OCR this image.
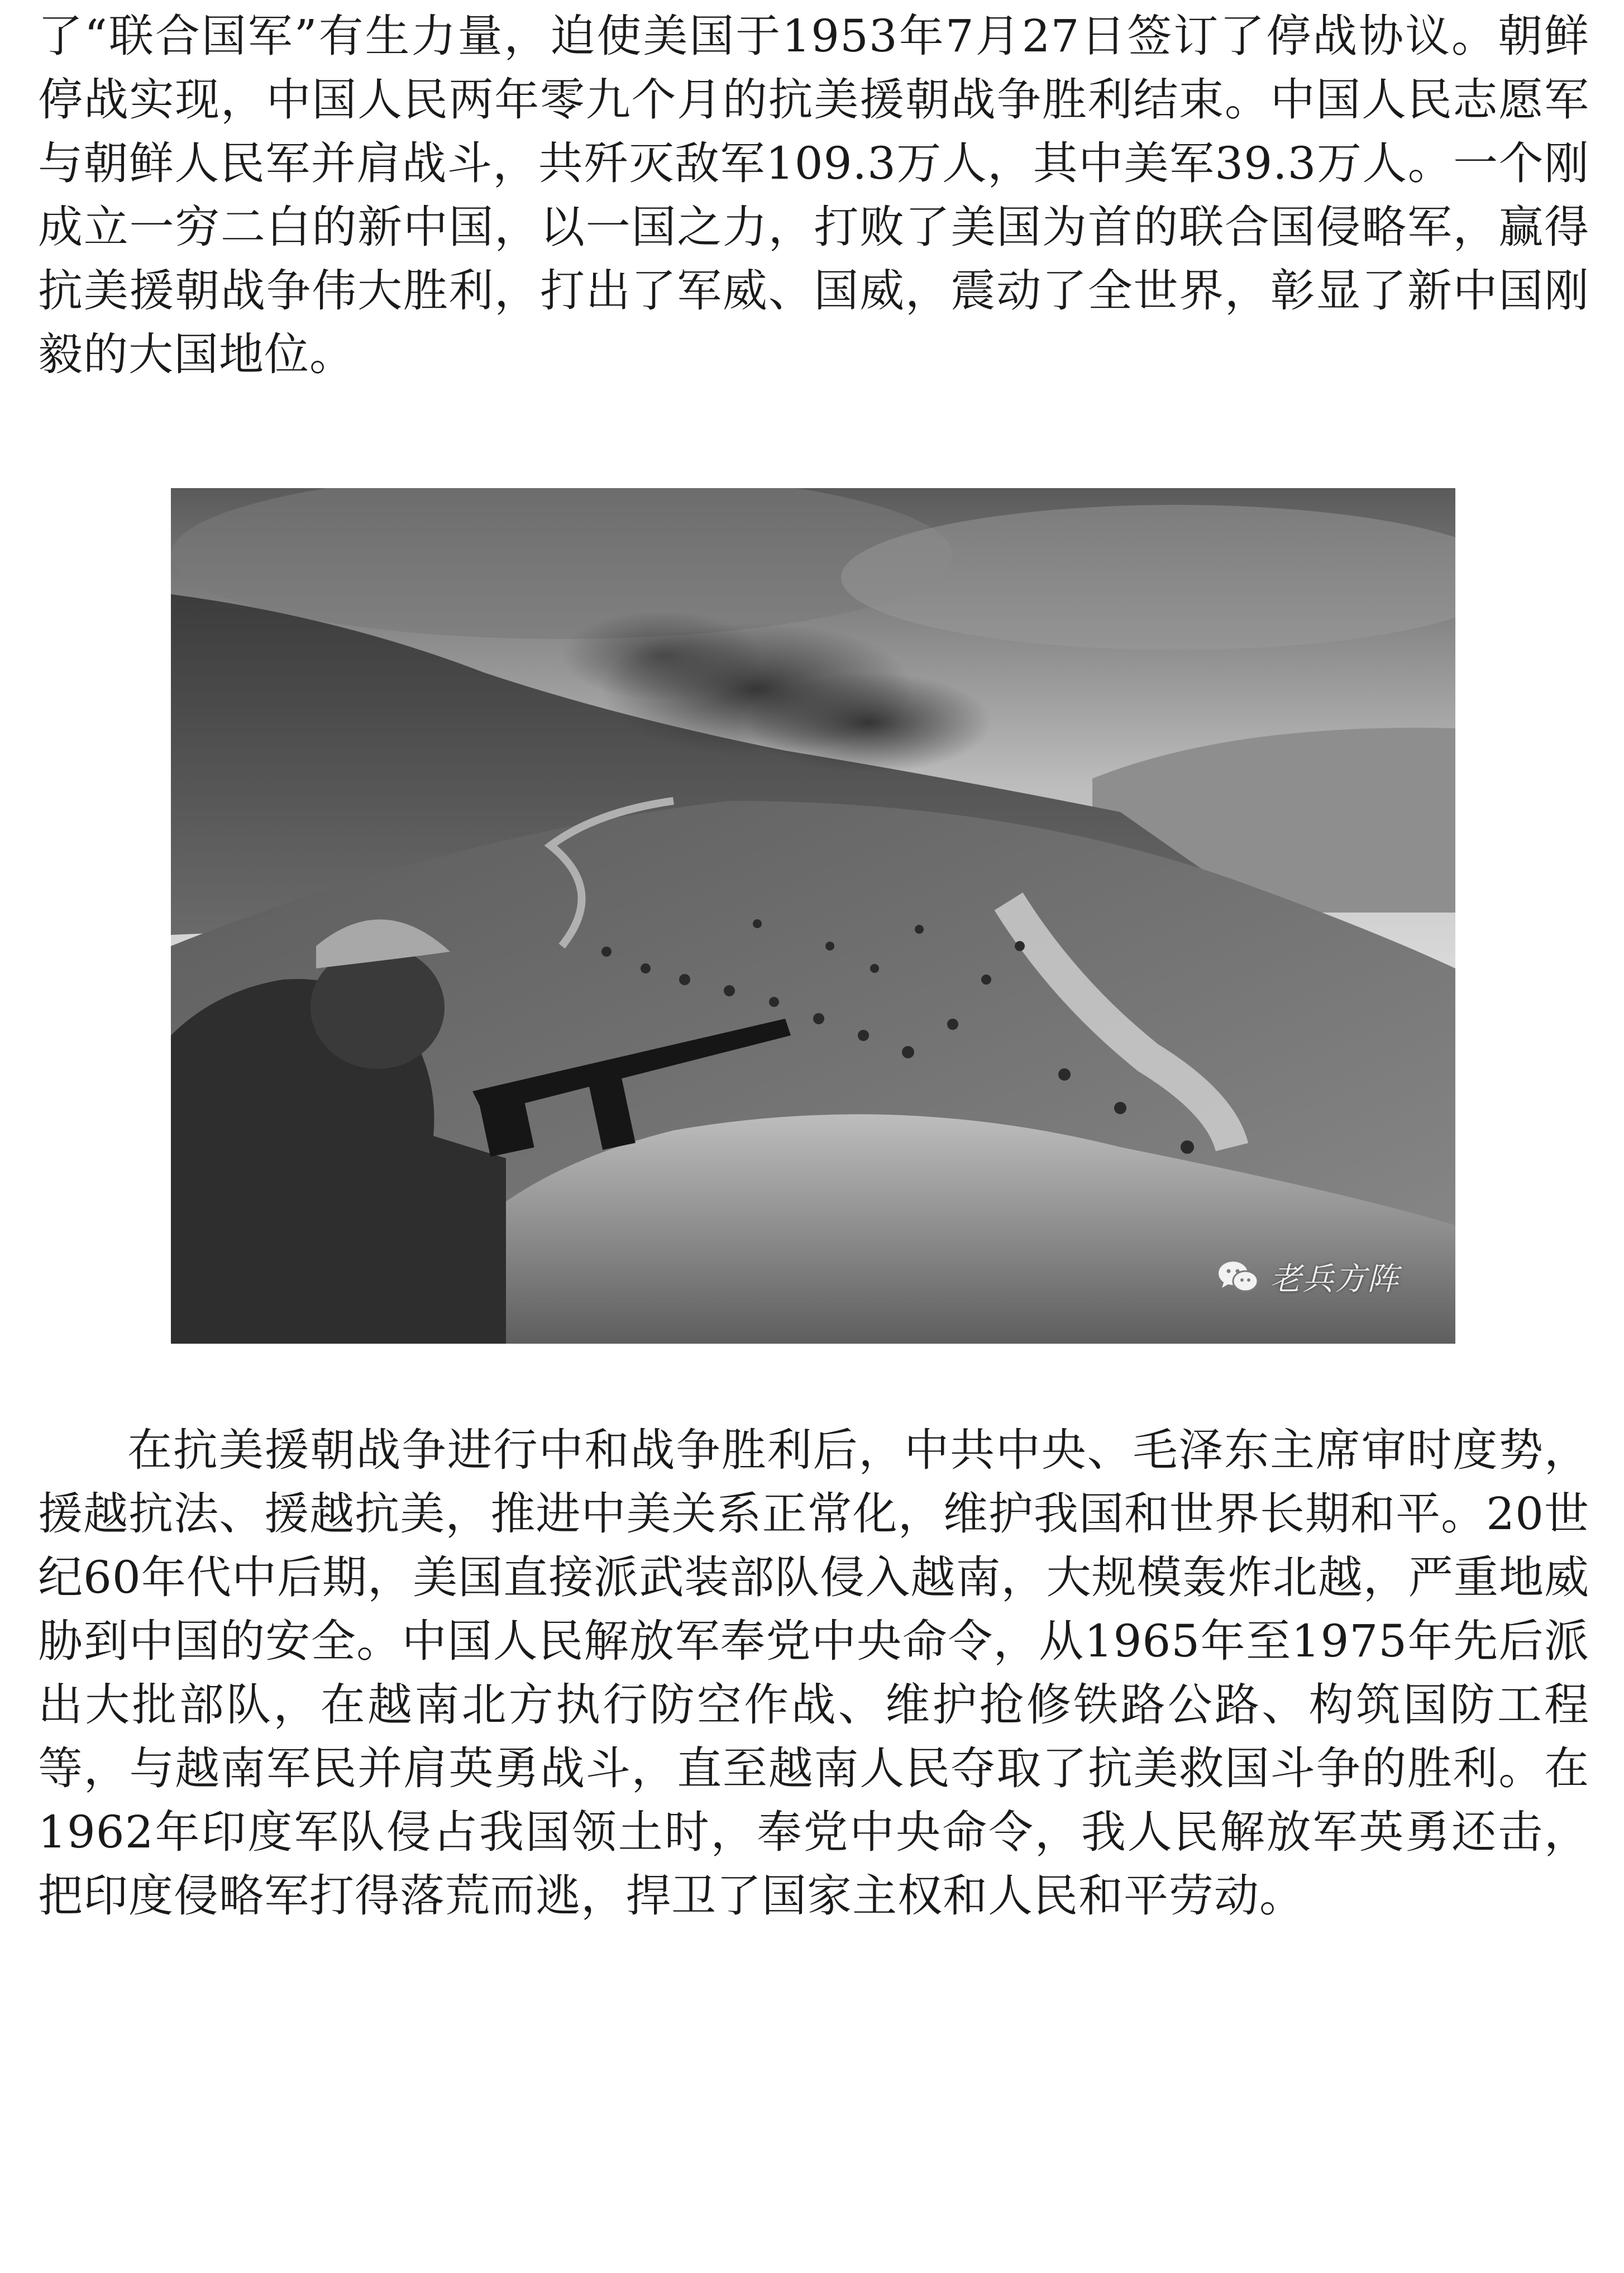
了“联合国军”有生力量，迫使美国于1953年7月27日签订了停战协议。朝鲜停战实现，中国人民两年零九个月的抗美援朝战争胜利结束。中国人民志愿军与朝鲜人民军并肩战斗，共歼灭敌军109.3万人，其中美军39.3万人。一个刚成立一穷二白的新中国，以一国之力，打败了美国为首的联合国侵略军，赢得抗美援朝战争伟大胜利，打出了军威、国威，震动了全世界，彰显了新中国刚毅的大国地位。

老兵方阵

在抗美援朝战争进行中和战争胜利后，中共中央、毛泽东主席审时度势，援越抗法、援越抗美，推进中美关系正常化，维护我国和世界长期和平。20世纪60年代中后期，美国直接派武装部队侵入越南，大规模轰炸北越，严重地威胁到中国的安全。中国人民解放军奉党中央命令，从1965年至1975年先后派出大批部队，在越南北方执行防空作战、维护抢修铁路公路、构筑国防工程等，与越南军民并肩英勇战斗，直至越南人民夺取了抗美救国斗争的胜利。在1962年印度军队侵占我国领土时，奉党中央命令，我人民解放军英勇还击，把印度侵略军打得落荒而逃，捍卫了国家主权和人民和平劳动。
